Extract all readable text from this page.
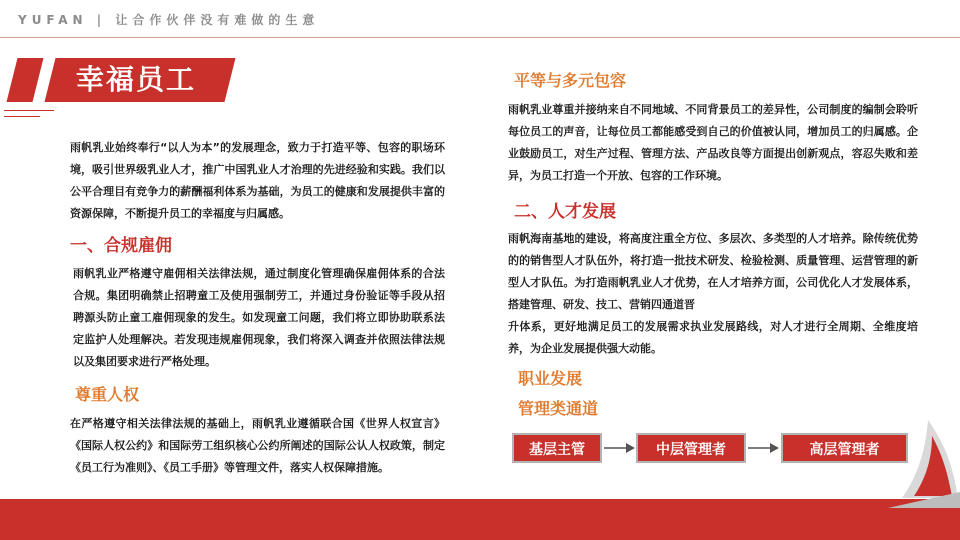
YUFAN | 让合作伙伴没有难做的生意
幸福员工
雨帆乳业始终奉行“以人为本”的发展理念，致力于打造平等、包容的职场环境，吸引世界级乳业人才，推广中国乳业人才治理的先进经验和实践。我们以公平合理目有竞争力的薪酬福利体系为基础，为员工的健康和发展提供丰富的资源保障，不断提升员工的幸福度与归属感。
一、合规雇佣
雨帆乳业严格遵守雇佣相关法律法规，通过制度化管理确保雇佣体系的合法合规。集团明确禁止招聘童工及使用强制劳工，并通过身份验证等手段从招聘源头防止童工雇佣现象的发生。如发现童工问题，我们将立即协助联系法定监护人处理解决。若发现违规雇佣现象，我们将深入调查并依照法律法规以及集团要求进行严格处理。
尊重人权
在严格遵守相关法律法规的基础上，雨帆乳业遵循联合国《世界人权宣言》《国际人权公约》和国际劳工组织核心公约所阐述的国际公认人权政策，制定《员工行为准则》、《员工手册》等管理文件，落实人权保障措施。
平等与多元包容
雨帆乳业尊重并接纳来自不同地域、不同背景员工的差异性，公司制度的编制会聆听每位员工的声音，让每位员工都能感受到自己的价值被认同，增加员工的归属感。企业鼓励员工，对生产过程、管理方法、产品改良等方面提出创新观点，容忍失败和差异，为员工打造一个开放、包容的工作环境。
二、人才发展
雨帆海南基地的建设，将高度注重全方位、多层次、多类型的人才培养。除传统优势的的销售型人才队伍外，将打造一批技术研发、检验检测、质量管理、运营管理的新型人才队伍。为打造雨帆乳业人才优势，在人才培养方面，公司优化人才发展体系，搭建管理、研发、技工、营销四通道晋
升体系，更好地满足员工的发展需求执业发展路线，对人才进行全周期、全维度培养，为企业发展提供强大动能。
职业发展
管理类通道
基层主管	中层管理者	高层管理者
